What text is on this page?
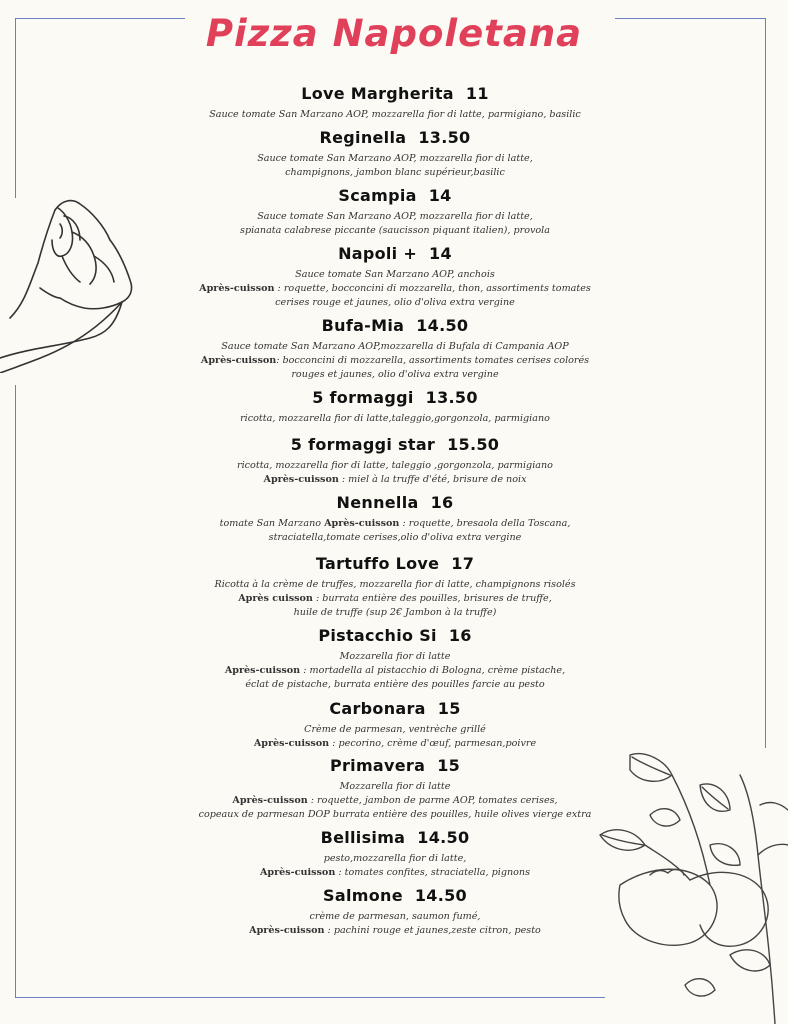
Pizza Napoletana
Love Margherita 11
Sauce tomate San Marzano AOP, mozzarella fior di latte, parmigiano, basilic
Reginella 13.50
Sauce tomate San Marzano AOP, mozzarella fior di latte,
champignons, jambon blanc supérieur,basilic
Scampia 14
Sauce tomate San Marzano AOP, mozzarella fior di latte,
spianata calabrese piccante (saucisson piquant italien), provola
Napoli + 14
Sauce tomate San Marzano AOP, anchois
Après-cuisson : roquette, bocconcini di mozzarella, thon, assortiments tomates
cerises rouge et jaunes, olio d'oliva extra vergine
Bufa-Mia 14.50
Sauce tomate San Marzano AOP,mozzarella di Bufala di Campania AOP
Après-cuisson: bocconcini di mozzarella, assortiments tomates cerises colorés
rouges et jaunes, olio d'oliva extra vergine
5 formaggi 13.50
ricotta, mozzarella fior di latte,taleggio,gorgonzola, parmigiano
5 formaggi star 15.50
ricotta, mozzarella fior di latte, taleggio ,gorgonzola, parmigiano
Après-cuisson : miel à la truffe d'été, brisure de noix
Nennella 16
tomate San Marzano Après-cuisson : roquette, bresaola della Toscana,
straciatella,tomate cerises,olio d'oliva extra vergine
Tartuffo Love 17
Ricotta à la crème de truffes, mozzarella fior di latte, champignons risolés
Après cuisson : burrata entière des pouilles, brisures de truffe,
huile de truffe (sup 2€ Jambon à la truffe)
Pistacchio Si 16
Mozzarella fior di latte
Après-cuisson : mortadella al pistacchio di Bologna, crème pistache,
éclat de pistache, burrata entière des pouilles farcie au pesto
Carbonara 15
Crème de parmesan, ventrèche grillé
Après-cuisson : pecorino, crème d'œuf, parmesan,poivre
Primavera 15
Mozzarella fior di latte
Après-cuisson : roquette, jambon de parme AOP, tomates cerises,
copeaux de parmesan DOP burrata entière des pouilles, huile olives vierge extra
Bellisima 14.50
pesto,mozzarella fior di latte,
Après-cuisson : tomates confites, straciatella, pignons
Salmone 14.50
crème de parmesan, saumon fumé,
Après-cuisson : pachini rouge et jaunes,zeste citron, pesto
